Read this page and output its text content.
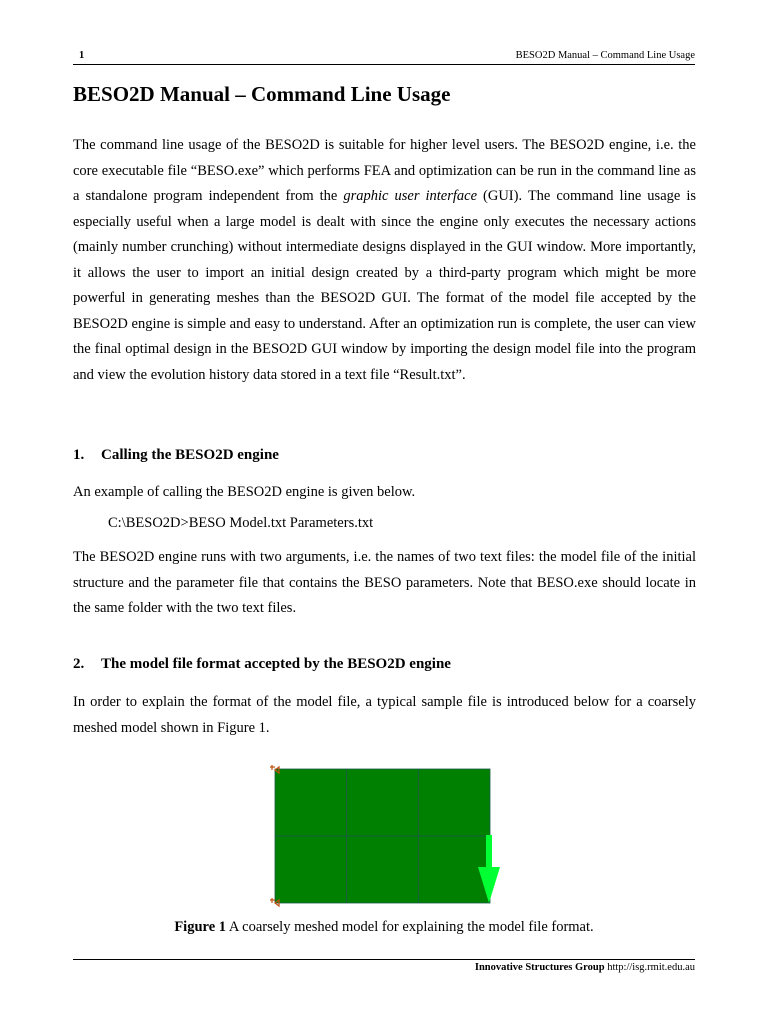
1	BESO2D Manual – Command Line Usage
BESO2D Manual – Command Line Usage

The command line usage of the BESO2D is suitable for higher level users. The BESO2D engine, i.e. the core executable file “BESO.exe” which performs FEA and optimization can be run in the command line as a standalone program independent from the graphic user interface (GUI). The command line usage is especially useful when a large model is dealt with since the engine only executes the necessary actions (mainly number crunching) without intermediate designs displayed in the GUI window. More importantly, it allows the user to import an initial design created by a third-party program which might be more powerful in generating meshes than the BESO2D GUI. The format of the model file accepted by the BESO2D engine is simple and easy to understand. After an optimization run is complete, the user can view the final optimal design in the BESO2D GUI window by importing the design model file into the program and view the evolution history data stored in a text file “Result.txt”.

1. Calling the BESO2D engine

An example of calling the BESO2D engine is given below.

C:\BESO2D>BESO Model.txt Parameters.txt

The BESO2D engine runs with two arguments, i.e. the names of two text files: the model file of the initial structure and the parameter file that contains the BESO parameters. Note that BESO.exe should locate in the same folder with the two text files.

2. The model file format accepted by the BESO2D engine

In order to explain the format of the model file, a typical sample file is introduced below for a coarsely meshed model shown in Figure 1.

Figure 1 A coarsely meshed model for explaining the model file format.

Innovative Structures Group http://isg.rmit.edu.au
